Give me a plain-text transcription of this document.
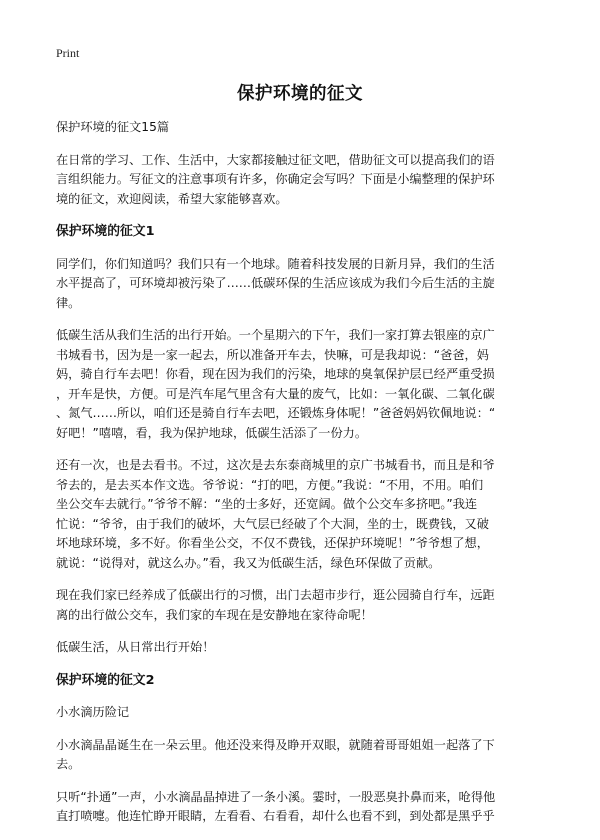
Print
保护环境的征文
保护环境的征文15篇
在日常的学习、工作、生活中，大家都接触过征文吧，借助征文可以提高我们的语
言组织能力。写征文的注意事项有许多，你确定会写吗？下面是小编整理的保护环
境的征文，欢迎阅读，希望大家能够喜欢。
保护环境的征文1
同学们，你们知道吗？我们只有一个地球。随着科技发展的日新月异，我们的生活
水平提高了，可环境却被污染了……低碳环保的生活应该成为我们今后生活的主旋
律。
低碳生活从我们生活的出行开始。一个星期六的下午，我们一家打算去银座的京广
书城看书，因为是一家一起去，所以准备开车去，快嘛，可是我却说：“爸爸，妈
妈，骑自行车去吧！你看，现在因为我们的污染，地球的臭氧保护层已经严重受损
，开车是快，方便。可是汽车尾气里含有大量的废气，比如：一氧化碳、二氧化碳
、氮气……所以，咱们还是骑自行车去吧，还锻炼身体呢！”爸爸妈妈钦佩地说：“
好吧！”嘻嘻，看，我为保护地球，低碳生活添了一份力。
还有一次，也是去看书。不过，这次是去东泰商城里的京广书城看书，而且是和爷
爷去的，是去买本作文选。爷爷说：“打的吧，方便。”我说：“不用，不用。咱们
坐公交车去就行。”爷爷不解：“坐的士多好，还宽阔。做个公交车多挤吧。”我连
忙说：“爷爷，由于我们的破坏，大气层已经破了个大洞，坐的士，既费钱，又破
坏地球环境，多不好。你看坐公交，不仅不费钱，还保护环境呢！”爷爷想了想，
就说：“说得对，就这么办。”看，我又为低碳生活，绿色环保做了贡献。
现在我们家已经养成了低碳出行的习惯，出门去超市步行，逛公园骑自行车，远距
离的出行做公交车，我们家的车现在是安静地在家待命呢！
低碳生活，从日常出行开始！
保护环境的征文2
小水滴历险记
小水滴晶晶诞生在一朵云里。他还没来得及睁开双眼，就随着哥哥姐姐一起落了下
去。
只听“扑通”一声，小水滴晶晶掉进了一条小溪。霎时，一股恶臭扑鼻而来，呛得他
直打喷嚏。他连忙睁开眼睛，左看看、右看看，却什么也看不到，到处都是黑乎乎
